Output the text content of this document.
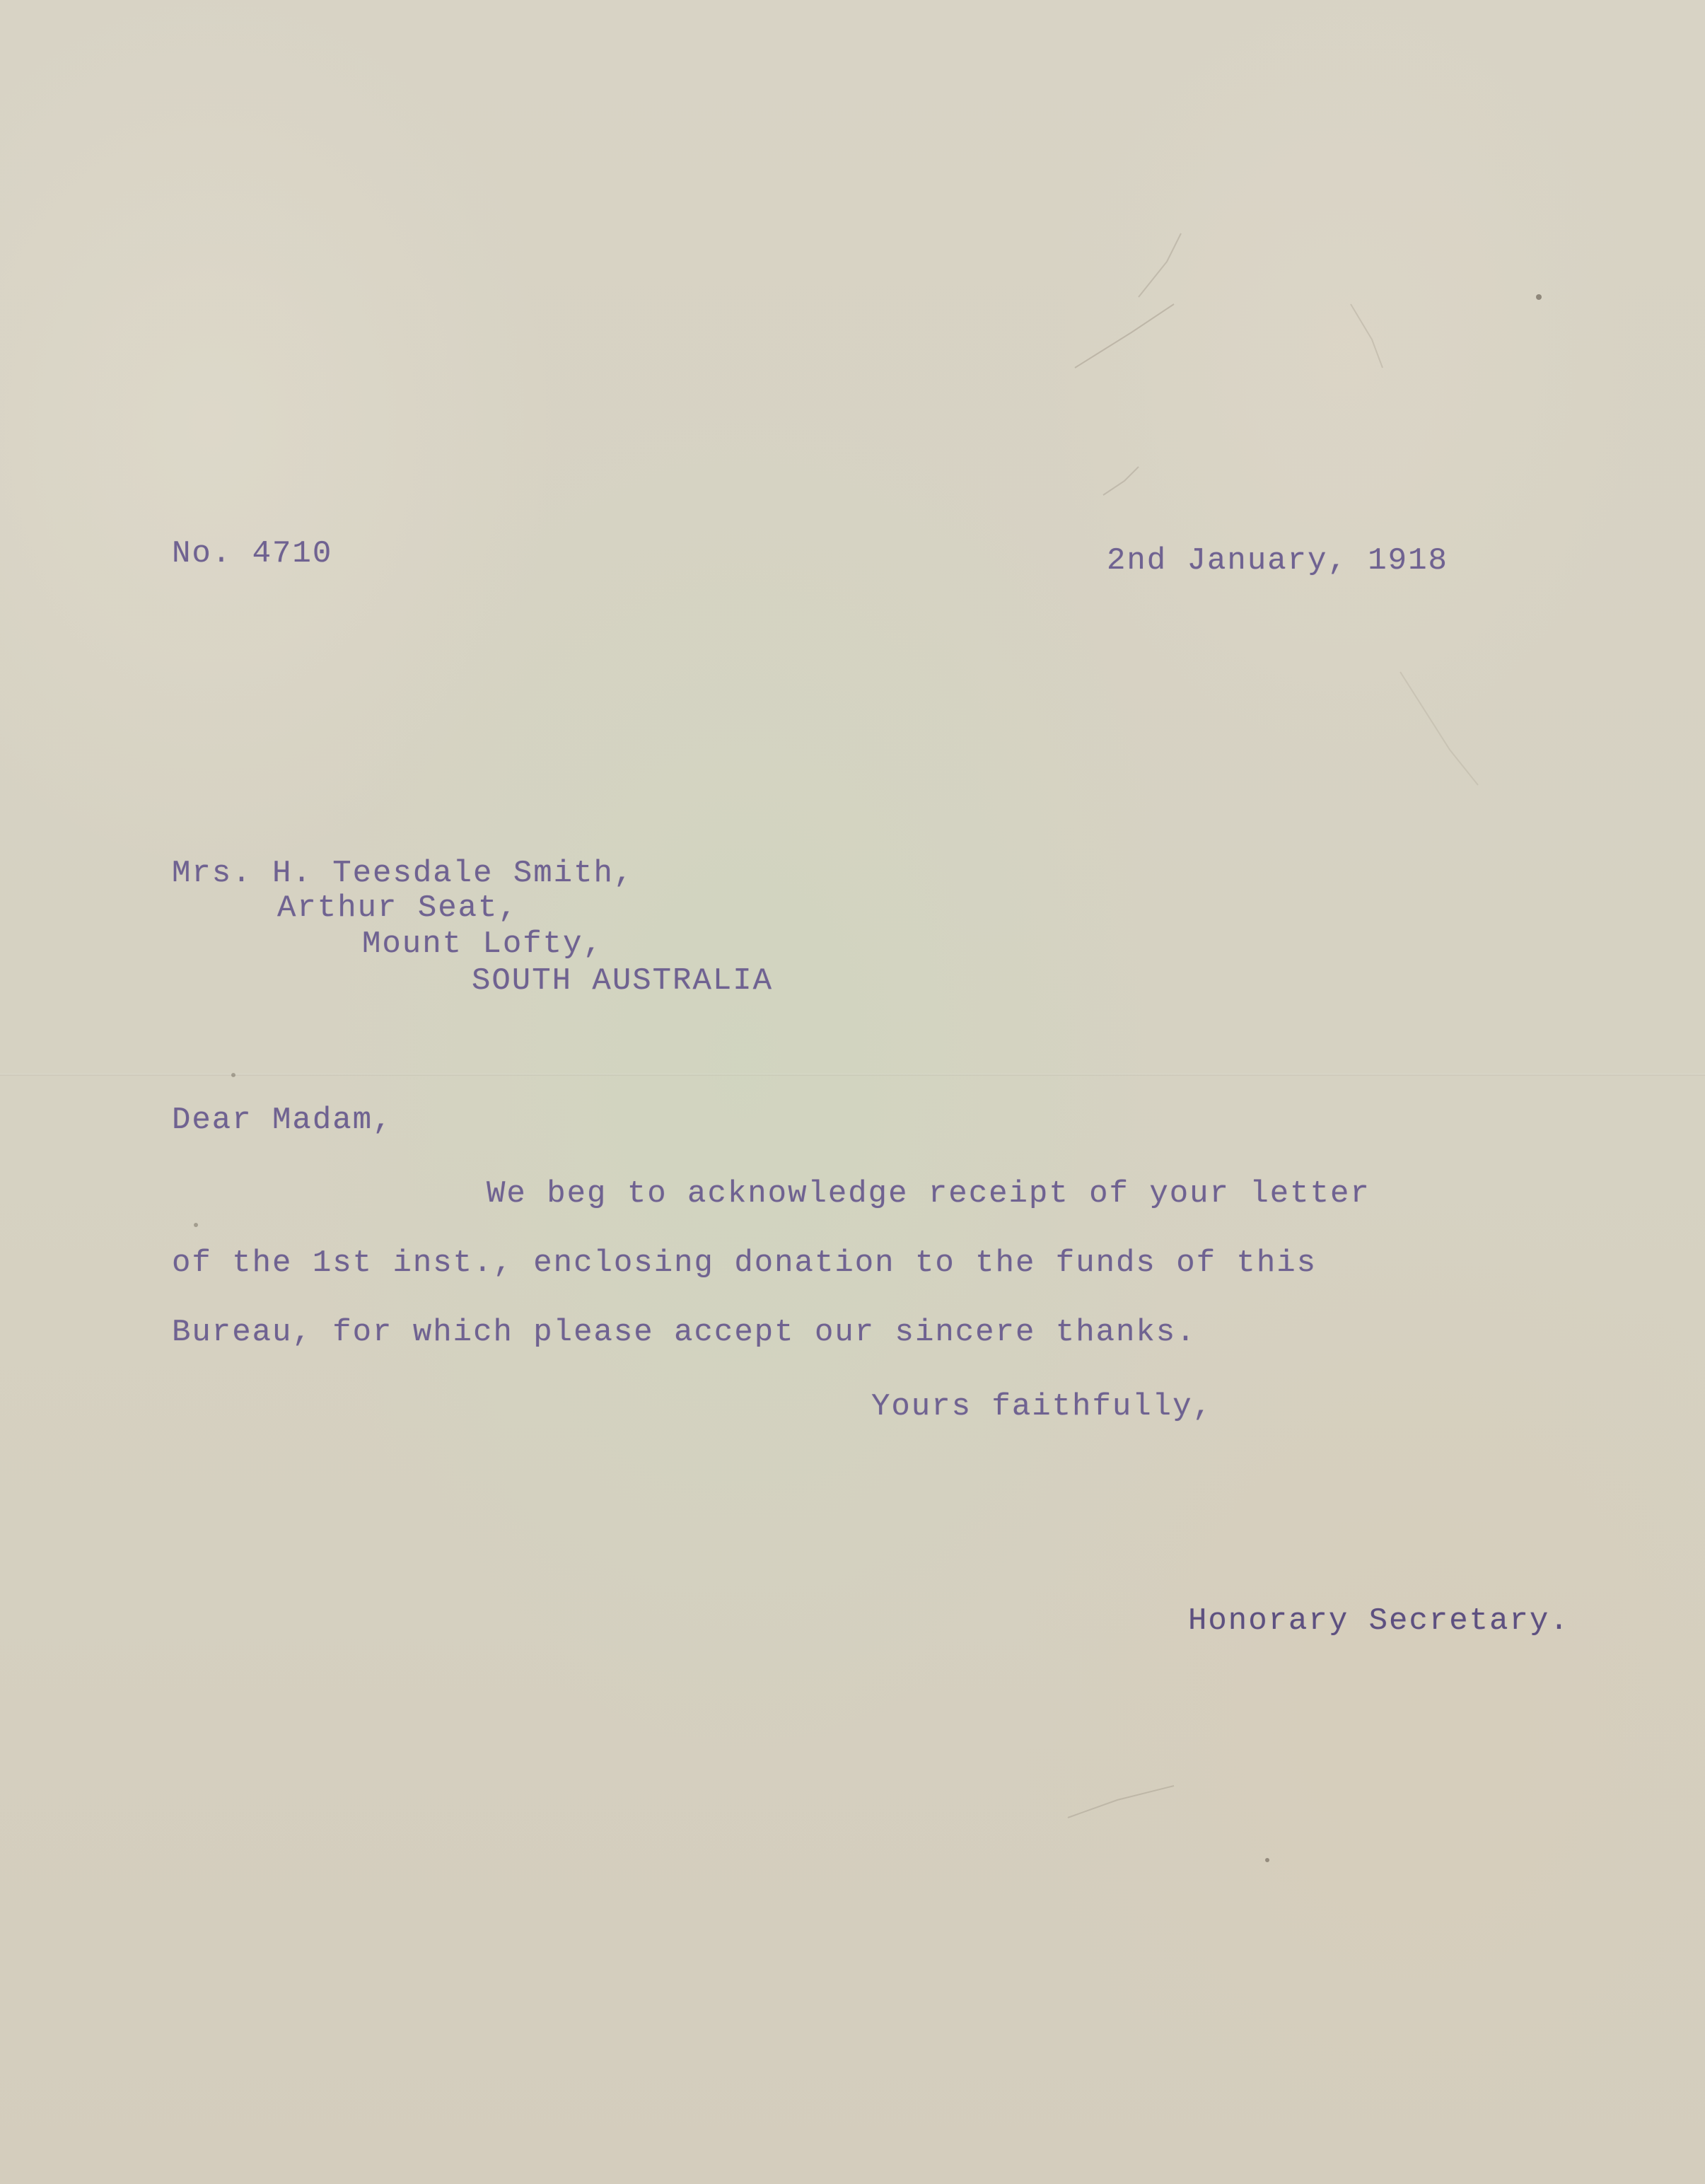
No. 4710	2nd January, 1918
Mrs. H. Teesdale Smith,
Arthur Seat,
Mount Lofty,
SOUTH AUSTRALIA
Dear Madam,
We beg to acknowledge receipt of your letter
of the 1st inst., enclosing donation to the funds of this
Bureau, for which please accept our sincere thanks.
Yours faithfully,
Honorary Secretary.
